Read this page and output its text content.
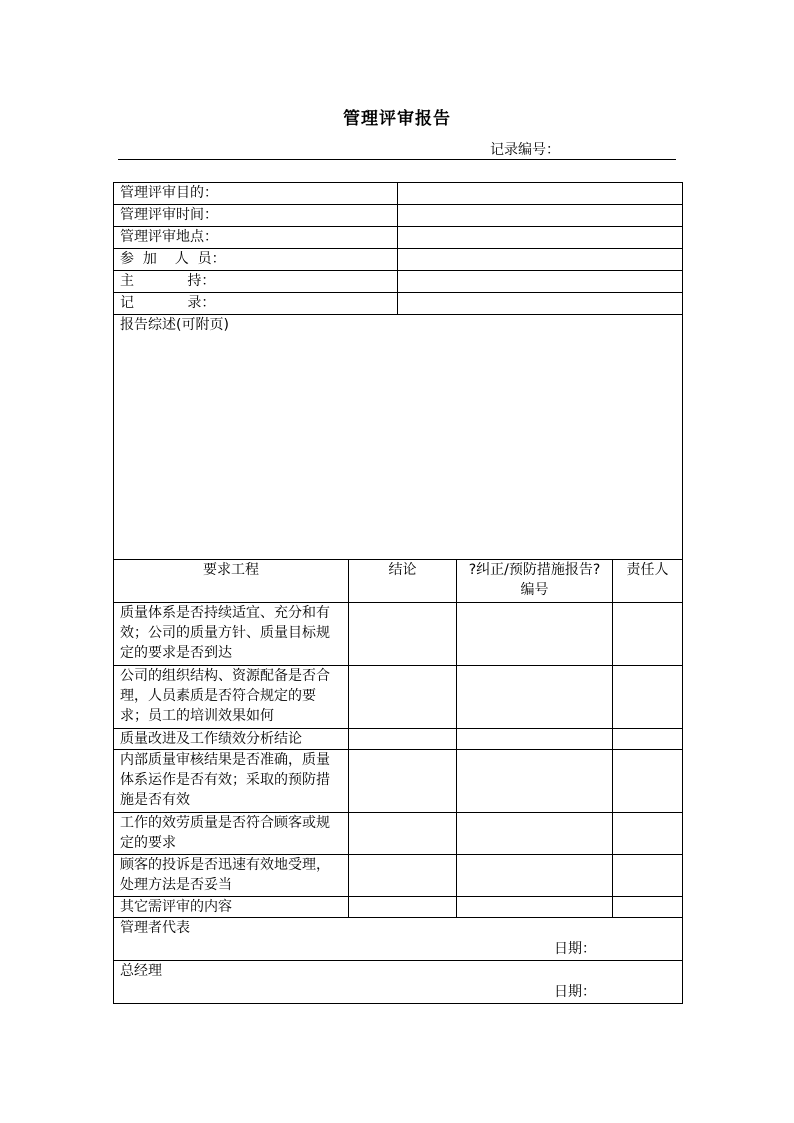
管理评审报告
记录编号：
管理评审目的：				
管理评审时间：				
管理评审地点：				
参  加    人  员：				
主            持：				
记            录：				
报告综述(可附页)				
要求工程	结论		?纠正/预防措施报告?编号	责任人
质量体系是否持续适宜、充分和有效；公司的质量方针、质量目标规定的要求是否到达				
公司的组织结构、资源配备是否合理，人员素质是否符合规定的要求；员工的培训效果如何				
质量改进及工作绩效分析结论				
内部质量审核结果是否准确，质量体系运作是否有效；采取的预防措施是否有效				
工作的效劳质量是否符合顾客或规定的要求				
顾客的投诉是否迅速有效地受理，处理方法是否妥当				
其它需评审的内容				
管理者代表
日期：				

总经理
日期：				
